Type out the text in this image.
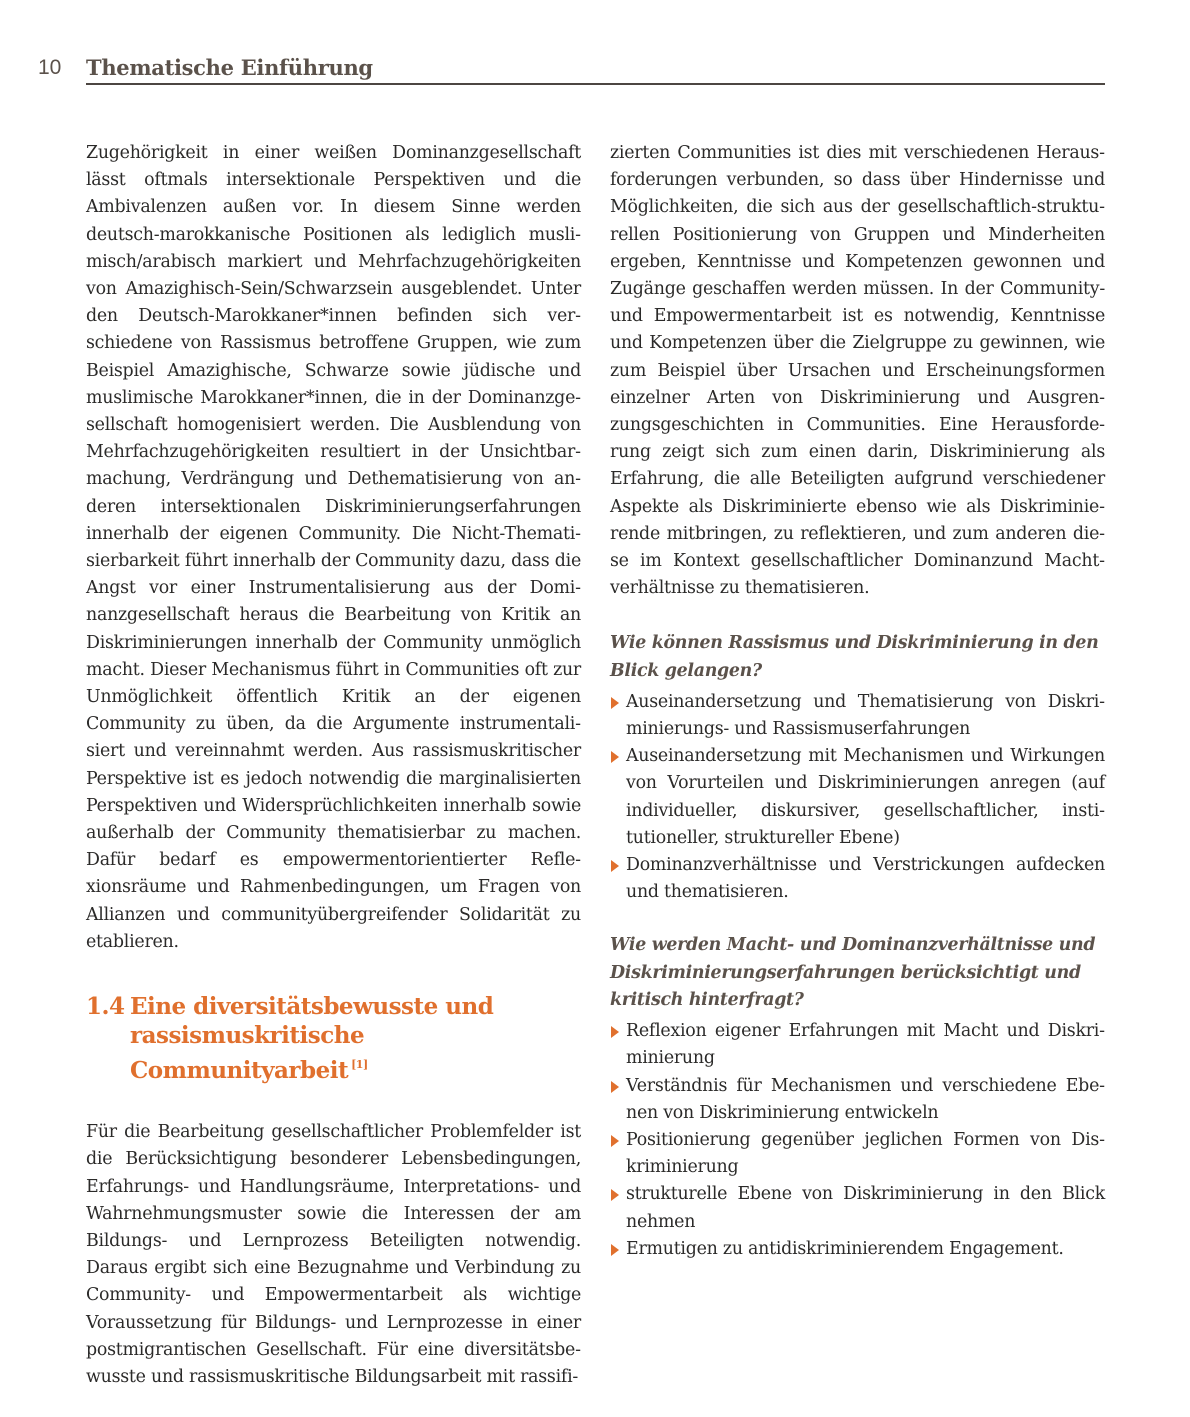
10 Thematische Einführung

Zugehörigkeit in einer weißen Dominanzgesellschaft lässt oftmals intersektionale Perspektiven und die Ambivalenzen außen vor. In diesem Sinne werden deutsch-marokkanische Positionen als lediglich muslimisch/arabisch markiert und Mehrfachzugehörigkeiten von Amazighisch-Sein/Schwarzsein ausgeblendet. Unter den Deutsch-Marokkaner*innen befinden sich verschiedene von Rassismus betroffene Gruppen, wie zum Beispiel Amazighische, Schwarze sowie jüdische und muslimische Marokkaner*innen, die in der Dominanzgesellschaft homogenisiert werden. Die Ausblendung von Mehrfachzugehörigkeiten resultiert in der Unsichtbarmachung, Verdrängung und Dethematisierung von anderen intersektionalen Diskriminierungserfahrungen innerhalb der eigenen Community. Die Nicht-Thematisierbarkeit führt innerhalb der Community dazu, dass die Angst vor einer Instrumentalisierung aus der Dominanzgesellschaft heraus die Bearbeitung von Kritik an Diskriminierungen innerhalb der Community unmöglich macht. Dieser Mechanismus führt in Communities oft zur Unmöglichkeit öffentlich Kritik an der eigenen Community zu üben, da die Argumente instrumentalisiert und vereinnahmt werden. Aus rassismuskritischer Perspektive ist es jedoch notwendig die marginalisierten Perspektiven und Widersprüchlichkeiten innerhalb sowie außerhalb der Community thematisierbar zu machen. Dafür bedarf es empowermentorientierter Reflexionsräume und Rahmenbedingungen, um Fragen von Allianzen und communityübergreifender Solidarität zu etablieren.

1.4 Eine diversitätsbewusste und
rassismuskritische Communityarbeit [1]

Für die Bearbeitung gesellschaftlicher Problemfelder ist die Berücksichtigung besonderer Lebensbedingungen, Erfahrungs- und Handlungsräume, Interpretations- und Wahrnehmungsmuster sowie die Interessen der am Bildungs- und Lernprozess Beteiligten notwendig. Daraus ergibt sich eine Bezugnahme und Verbindung zu Community- und Empowermentarbeit als wichtige Voraussetzung für Bildungs- und Lernprozesse in einer postmigrantischen Gesellschaft. Für eine diversitätsbewusste und rassismuskritische Bildungsarbeit mit rassifi-

zierten Communities ist dies mit verschiedenen Herausforderungen verbunden, so dass über Hindernisse und Möglichkeiten, die sich aus der gesellschaftlich-strukturellen Positionierung von Gruppen und Minderheiten ergeben, Kenntnisse und Kompetenzen gewonnen und Zugänge geschaffen werden müssen. In der Community- und Empowermentarbeit ist es notwendig, Kenntnisse und Kompetenzen über die Zielgruppe zu gewinnen, wie zum Beispiel über Ursachen und Erscheinungsformen einzelner Arten von Diskriminierung und Ausgrenzungsgeschichten in Communities. Eine Herausforderung zeigt sich zum einen darin, Diskriminierung als Erfahrung, die alle Beteiligten aufgrund verschiedener Aspekte als Diskriminierte ebenso wie als Diskriminierende mitbringen, zu reflektieren, und zum anderen diese im Kontext gesellschaftlicher Dominanzund Machtverhältnisse zu thematisieren.

Wie können Rassismus und Diskriminierung in den Blick gelangen?

Auseinandersetzung und Thematisierung von Diskriminierungs- und Rassismuserfahrungen
Auseinandersetzung mit Mechanismen und Wirkungen von Vorurteilen und Diskriminierungen anregen (auf individueller, diskursiver, gesellschaftlicher, institutioneller, struktureller Ebene)
Dominanzverhältnisse und Verstrickungen aufdecken und thematisieren.

Wie werden Macht- und Dominanzverhältnisse und Diskriminierungserfahrungen berücksichtigt und kritisch hinterfragt?

Reflexion eigener Erfahrungen mit Macht und Diskriminierung
Verständnis für Mechanismen und verschiedene Ebenen von Diskriminierung entwickeln
Positionierung gegenüber jeglichen Formen von Diskriminierung
strukturelle Ebene von Diskriminierung in den Blick nehmen
Ermutigen zu antidiskriminierendem Engagement.
